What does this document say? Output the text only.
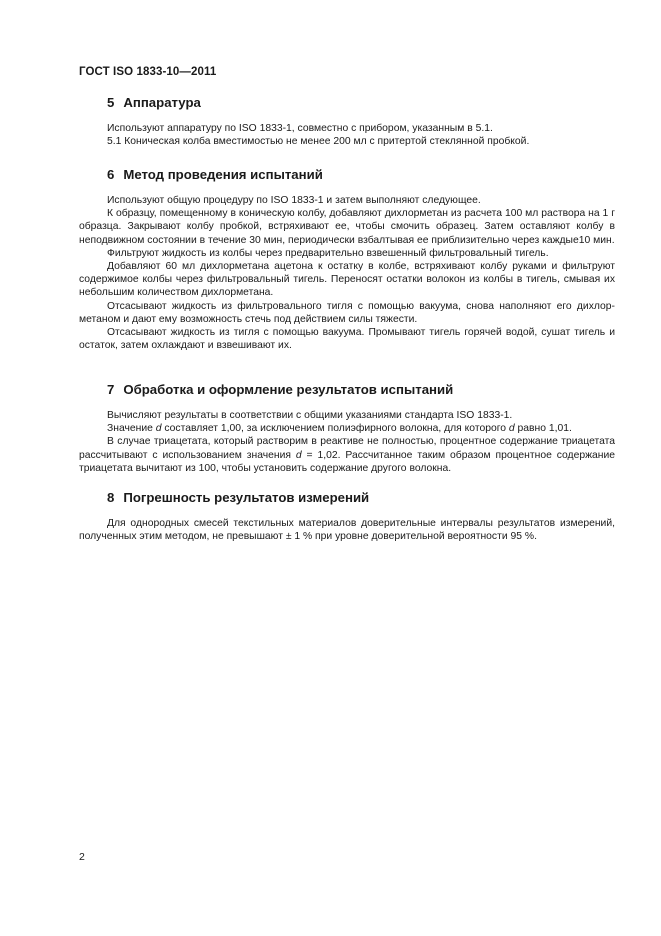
ГОСТ ISO 1833-10—2011
5 Аппаратура

Используют аппаратуру по ISO 1833-1, совместно с прибором, указанным в 5.1.

5.1 Коническая колба вместимостью не менее 200 мл с притертой стеклянной пробкой.

6 Метод проведения испытаний

Используют общую процедуру по ISO 1833-1 и затем выполняют следующее.

К образцу, помещенному в коническую колбу, добавляют дихлорметан из расчета 100 мл раствора на 1 г образца. Закрывают колбу пробкой, встряхивают ее, чтобы смочить образец. Затем оставляют колбу в неподвижном состоянии в течение 30 мин, периодически взбалтывая ее приблизительно через каждые10 мин.

Фильтруют жидкость из колбы через предварительно взвешенный фильтровальный тигель.

Добавляют 60 мл дихлорметана ацетона к остатку в колбе, встряхивают колбу руками и фильтруют содержимое колбы через фильтровальный тигель. Переносят остатки волокон из колбы в тигель, смывая их небольшим количеством дихлорметана.

Отсасывают жидкость из фильтровального тигля с помощью вакуума, снова наполняют его дихлор-метаном и дают ему возможность стечь под действием силы тяжести.

Отсасывают жидкость из тигля с помощью вакуума. Промывают тигель горячей водой, сушат тигель и остаток, затем охлаждают и взвешивают их.

7 Обработка и оформление результатов испытаний

Вычисляют результаты в соответствии с общими указаниями стандарта ISO 1833-1.

Значение d составляет 1,00, за исключением полиэфирного волокна, для которого d равно 1,01.

В случае триацетата, который растворим в реактиве не полностью, процентное содержание триацетата рассчитывают с использованием значения d = 1,02. Рассчитанное таким образом процентное содержание триацетата вычитают из 100, чтобы установить содержание другого волокна.

8 Погрешность результатов измерений

Для однородных смесей текстильных материалов доверительные интервалы результатов измерений, полученных этим методом, не превышают ± 1 % при уровне доверительной вероятности 95 %.

2
